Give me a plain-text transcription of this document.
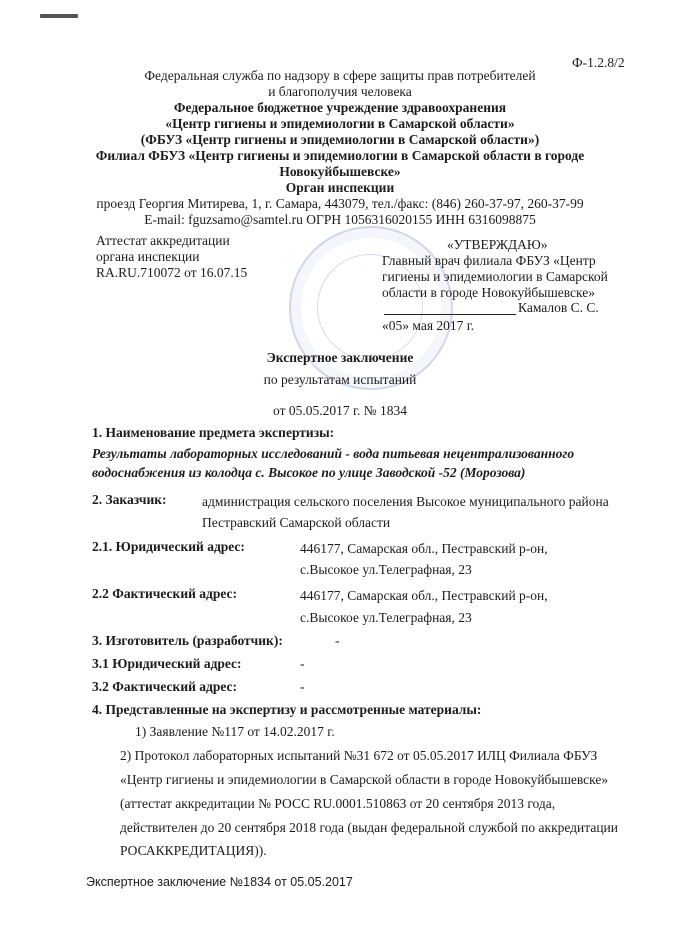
Ф-1.2.8/2
Федеральная служба по надзору в сфере защиты прав потребителей
и благополучия человека
Федеральное бюджетное учреждение здравоохранения
«Центр гигиены и эпидемиологии в Самарской области»
(ФБУЗ «Центр гигиены и эпидемиологии в Самарской области»)
Филиал ФБУЗ «Центр гигиены и эпидемиологии в Самарской области в городе
Новокуйбышевске»
Орган инспекции
проезд Георгия Митирева, 1, г. Самара, 443079, тел./факс: (846) 260-37-97, 260-37-99
E-mail: fguzsamo@samtel.ru ОГРН 1056316020155 ИНН 6316098875
Аттестат аккредитации
органа инспекции
RA.RU.710072 от 16.07.15
«УТВЕРЖДАЮ»
Главный врач филиала ФБУЗ «Центр
гигиены и эпидемиологии в Самарской
области в городе Новокуйбышевске»
Камалов С. С.
«05» мая 2017 г.
Экспертное заключение
по результатам испытаний
от 05.05.2017 г. № 1834
1. Наименование предмета экспертизы:
Результаты лабораторных исследований - вода питьевая нецентрализованного
водоснабжения из колодца с. Высокое по улице Заводской -52 (Морозова)
2. Заказчик:	администрация сельского поселения Высокое муниципального района
Пестравский Самарской области
2.1. Юридический адрес:	446177, Самарская обл., Пестравский р-он,
с.Высокое ул.Телеграфная, 23
2.2 Фактический адрес:	446177, Самарская обл., Пестравский р-он,
с.Высокое ул.Телеграфная, 23
3. Изготовитель (разработчик):	-
3.1 Юридический адрес:	-
3.2 Фактический адрес:	-
4. Представленные на экспертизу и рассмотренные материалы:
1) Заявление №117 от 14.02.2017 г.
2) Протокол лабораторных испытаний №31 672 от 05.05.2017 ИЛЦ Филиала ФБУЗ
«Центр гигиены и эпидемиологии в Самарской области в городе Новокуйбышевске»
(аттестат аккредитации № РОСС RU.0001.510863 от 20 сентября 2013 года,
действителен до 20 сентября 2018 года (выдан федеральной службой по аккредитации
РОСАККРЕДИТАЦИЯ)).
Экспертное заключение №1834 от 05.05.2017
